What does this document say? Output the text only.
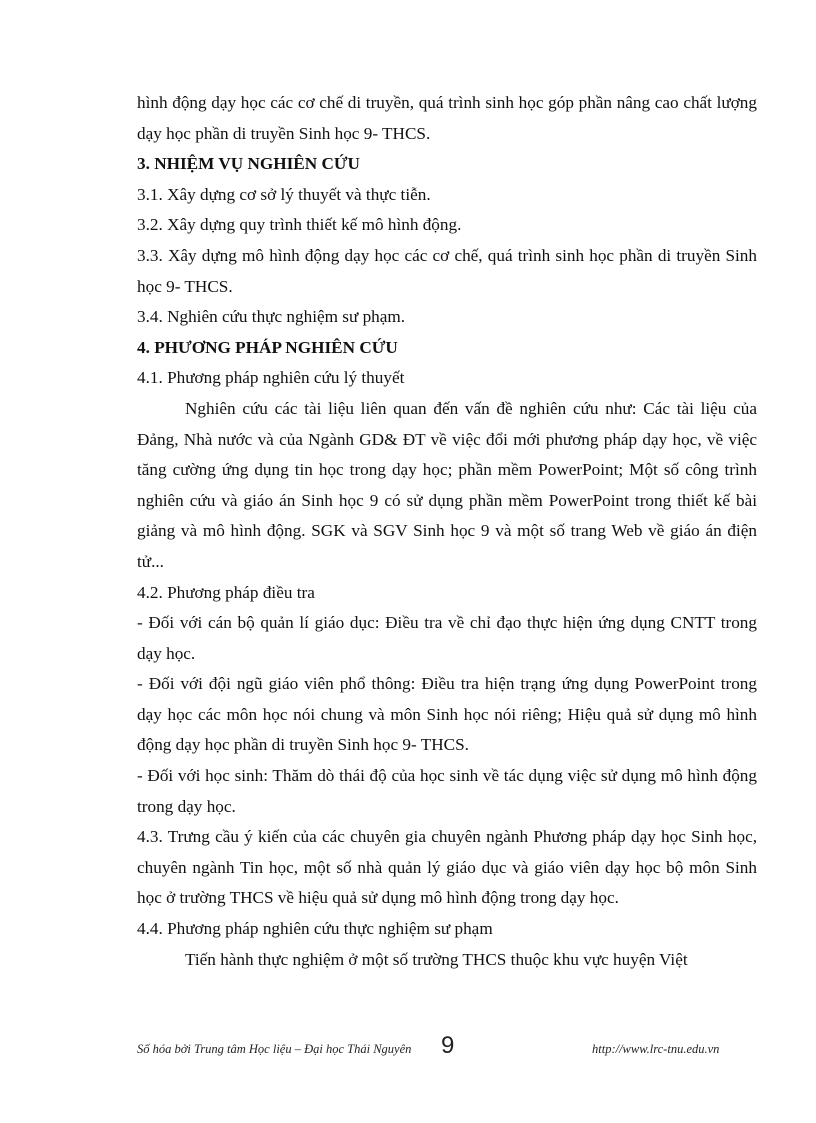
hình động dạy học các cơ chế di truyền, quá trình sinh học góp phần nâng cao chất lượng dạy học phần di truyền Sinh học 9- THCS.

3. NHIỆM VỤ NGHIÊN CỨU

3.1. Xây dựng cơ sở lý thuyết và thực tiễn.

3.2. Xây dựng quy trình thiết kế mô hình động.

3.3. Xây dựng mô hình động dạy học các cơ chế, quá trình sinh học phần di truyền Sinh học 9- THCS.

3.4. Nghiên cứu thực nghiệm sư phạm.

4. PHƯƠNG PHÁP NGHIÊN CỨU

4.1. Phương pháp nghiên cứu lý thuyết

Nghiên cứu các tài liệu liên quan đến vấn đề nghiên cứu như: Các tài liệu của Đảng, Nhà nước và của Ngành GD& ĐT về việc đổi mới phương pháp dạy học, về việc tăng cường ứng dụng tin học trong dạy học; phần mềm PowerPoint; Một số công trình nghiên cứu và giáo án Sinh học 9 có sử dụng phần mềm PowerPoint trong thiết kế bài giảng và mô hình động. SGK và SGV Sinh học 9 và một số trang Web về giáo án điện tử...

4.2. Phương pháp điều tra

- Đối với cán bộ quản lí giáo dục: Điều tra về chỉ đạo thực hiện ứng dụng CNTT trong dạy học.

- Đối với đội ngũ giáo viên phổ thông: Điều tra hiện trạng ứng dụng PowerPoint trong dạy học các môn học nói chung và môn Sinh học nói riêng; Hiệu quả sử dụng mô hình động dạy học phần di truyền Sinh học 9- THCS.

- Đối với học sinh: Thăm dò thái độ của học sinh về tác dụng việc sử dụng mô hình động trong dạy học.

4.3. Trưng cầu ý kiến của các chuyên gia chuyên ngành Phương pháp dạy học Sinh học, chuyên ngành Tin học, một số nhà quản lý giáo dục và giáo viên dạy học bộ môn Sinh học ở trường THCS về hiệu quả sử dụng mô hình động trong dạy học.

4.4. Phương pháp nghiên cứu thực nghiệm sư phạm

Tiến hành thực nghiệm ở một số trường THCS thuộc khu vực huyện Việt

Số hóa bởi Trung tâm Học liệu – Đại học Thái Nguyên 9	http://www.lrc-tnu.edu.vn
